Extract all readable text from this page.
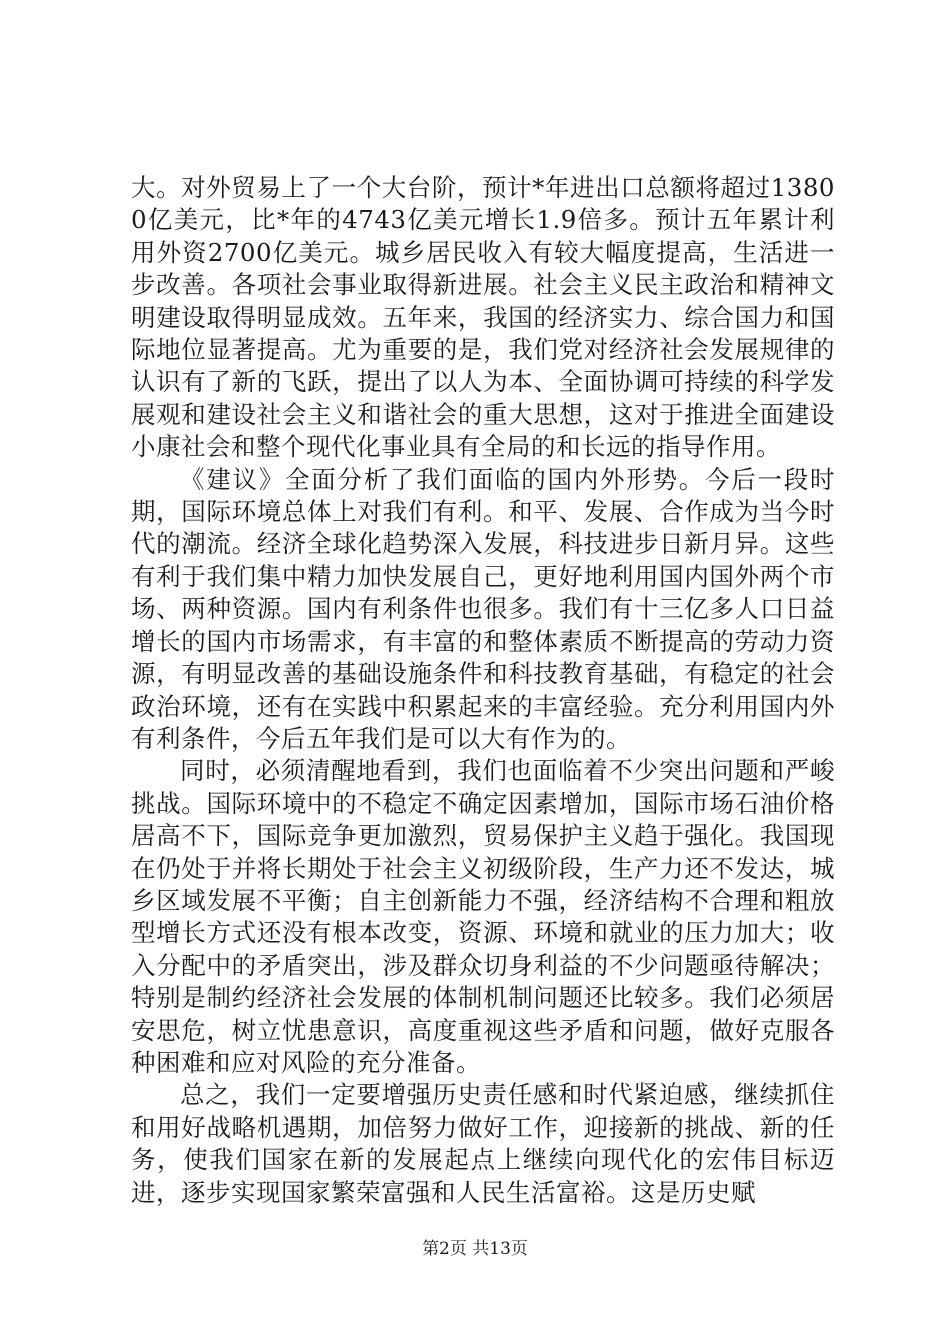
大。对外贸易上了一个大台阶，预计*年进出口总额将超过13800亿美元，比*年的4743亿美元增长1.9倍多。预计五年累计利用外资2700亿美元。城乡居民收入有较大幅度提高，生活进一步改善。各项社会事业取得新进展。社会主义民主政治和精神文明建设取得明显成效。五年来，我国的经济实力、综合国力和国际地位显著提高。尤为重要的是，我们党对经济社会发展规律的认识有了新的飞跃，提出了以人为本、全面协调可持续的科学发展观和建设社会主义和谐社会的重大思想，这对于推进全面建设小康社会和整个现代化事业具有全局的和长远的指导作用。

《建议》全面分析了我们面临的国内外形势。今后一段时期，国际环境总体上对我们有利。和平、发展、合作成为当今时代的潮流。经济全球化趋势深入发展，科技进步日新月异。这些有利于我们集中精力加快发展自己，更好地利用国内国外两个市场、两种资源。国内有利条件也很多。我们有十三亿多人口日益增长的国内市场需求，有丰富的和整体素质不断提高的劳动力资源，有明显改善的基础设施条件和科技教育基础，有稳定的社会政治环境，还有在实践中积累起来的丰富经验。充分利用国内外有利条件，今后五年我们是可以大有作为的。

同时，必须清醒地看到，我们也面临着不少突出问题和严峻挑战。国际环境中的不稳定不确定因素增加，国际市场石油价格居高不下，国际竞争更加激烈，贸易保护主义趋于强化。我国现在仍处于并将长期处于社会主义初级阶段，生产力还不发达，城乡区域发展不平衡；自主创新能力不强，经济结构不合理和粗放型增长方式还没有根本改变，资源、环境和就业的压力加大；收入分配中的矛盾突出，涉及群众切身利益的不少问题亟待解决；特别是制约经济社会发展的体制机制问题还比较多。我们必须居安思危，树立忧患意识，高度重视这些矛盾和问题，做好克服各种困难和应对风险的充分准备。

总之，我们一定要增强历史责任感和时代紧迫感，继续抓住和用好战略机遇期，加倍努力做好工作，迎接新的挑战、新的任务，使我们国家在新的发展起点上继续向现代化的宏伟目标迈进，逐步实现国家繁荣富强和人民生活富裕。这是历史赋

第2页 共13页
